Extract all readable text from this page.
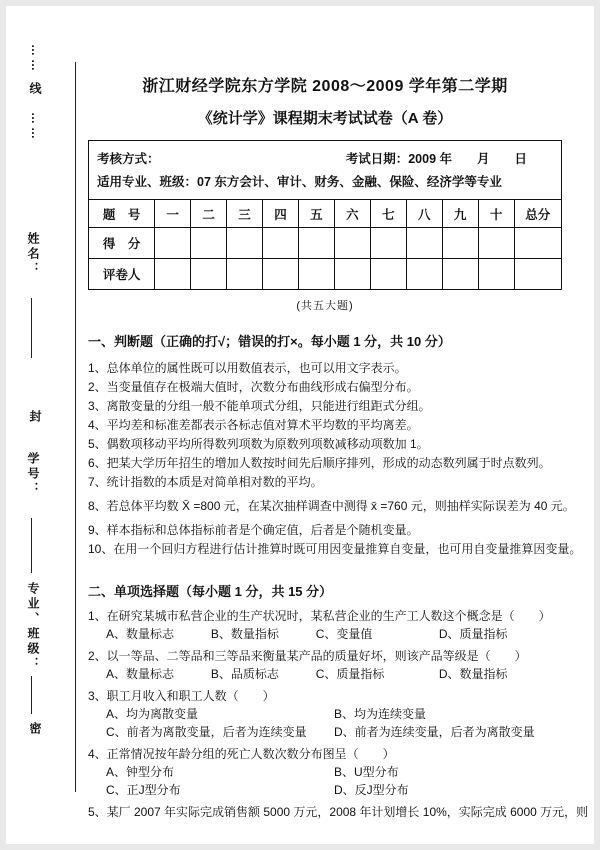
……
线
……
姓名：
封
学号：
专业、班级：
密
浙江财经学院东方学院 2008～2009 学年第二学期
《统计学》课程期末考试试卷（A 卷）
考核方式： 考试日期：2009 年　　月　　日											

适用专业、班级：07 东方会计、审计、财务、金融、保险、经济学等专业											
题　号	一	二	三	四	五	六	七	八	九	十	总分
得　分											
评卷人											
(共五大题)
一、判断题（正确的打√；错误的打×。每小题 1 分，共 10 分）
1、总体单位的属性既可以用数值表示，也可以用文字表示。
2、当变量值存在极端大值时，次数分布曲线形成右偏型分布。
3、离散变量的分组一般不能单项式分组，只能进行组距式分组。
4、平均差和标准差都表示各标志值对算术平均数的平均离差。
5、偶数项移动平均所得数列项数为原数列项数减移动项数加 1。
6、把某大学历年招生的增加人数按时间先后顺序排列，形成的动态数列属于时点数列。
7、统计指数的本质是对简单相对数的平均。
8、若总体平均数 X̄ =800 元，在某次抽样调查中测得 x̄ =760 元，则抽样实际误差为 40 元。
9、样本指标和总体指标前者是个确定值，后者是个随机变量。
10、在用一个回归方程进行估计推算时既可用因变量推算自变量，也可用自变量推算因变量。
二、单项选择题（每小题 1 分，共 15 分）
1、在研究某城市私营企业的生产状况时，某私营企业的生产工人数这个概念是（　　）
A、数量标志	B、数量指标	C、变量值	D、质量指标
2、以一等品、二等品和三等品来衡量某产品的质量好坏，则该产品等级是（　　）
A、数量标志	B、品质标志	C、质量指标	D、数量指标
3、职工月收入和职工人数（　　）
A、均为离散变量	B、均为连续变量
C、前者为离散变量，后者为连续变量	D、前者为连续变量，后者为离散变量
4、正常情况按年龄分组的死亡人数次数分布图呈（　　）
A、钟型分布	B、U型分布
C、正J型分布	D、反J型分布
5、某厂 2007 年实际完成销售额 5000 万元，2008 年计划增长 10%，实际完成 6000 万元，则
